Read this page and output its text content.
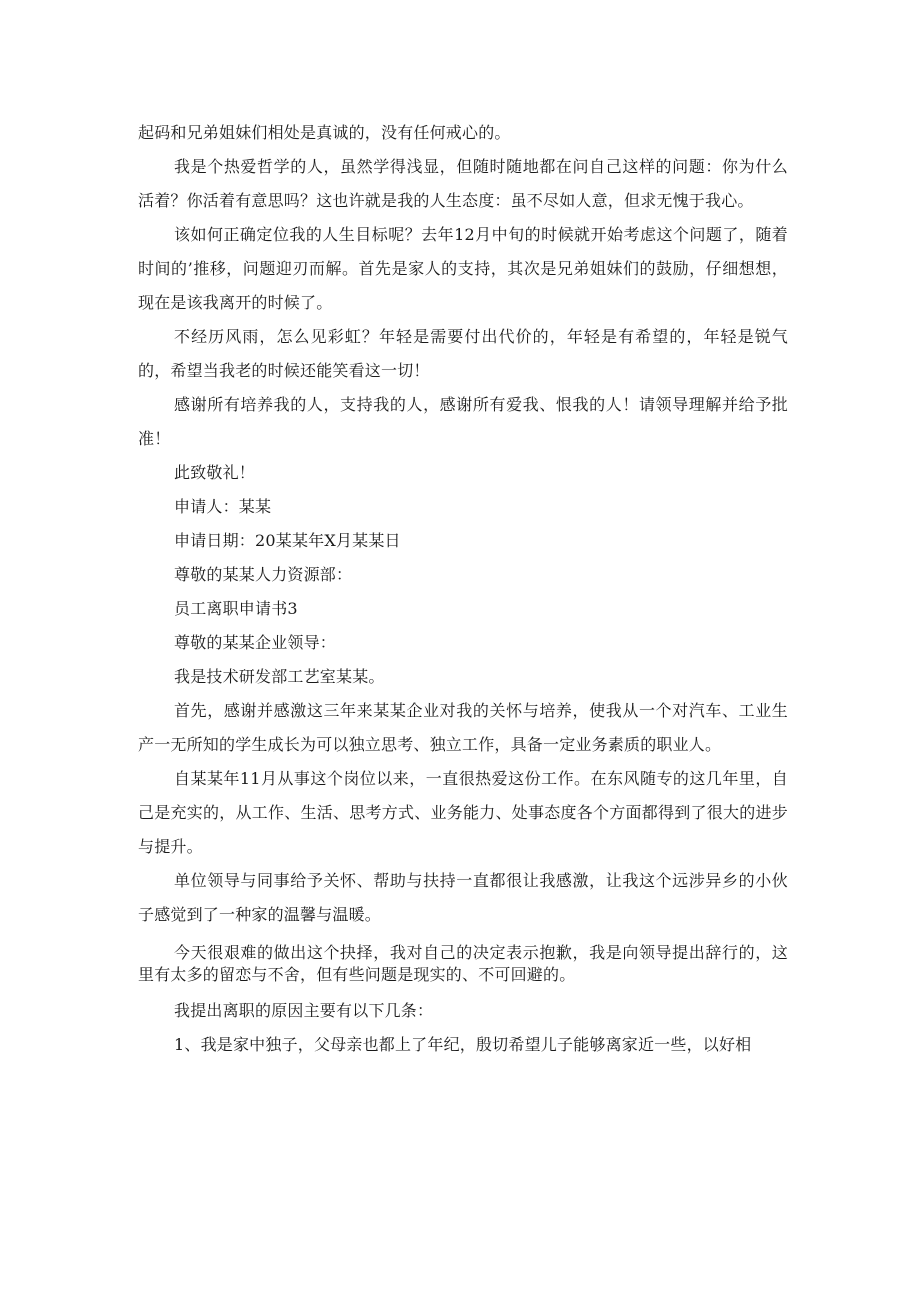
起码和兄弟姐妹们相处是真诚的，没有任何戒心的。

我是个热爱哲学的人，虽然学得浅显，但随时随地都在问自己这样的问题：你为什么活着？你活着有意思吗？这也许就是我的人生态度：虽不尽如人意，但求无愧于我心。

该如何正确定位我的人生目标呢？去年12月中旬的时候就开始考虑这个问题了，随着时间的’推移，问题迎刃而解。首先是家人的支持，其次是兄弟姐妹们的鼓励，仔细想想，现在是该我离开的时候了。

不经历风雨，怎么见彩虹？年轻是需要付出代价的，年轻是有希望的，年轻是锐气的，希望当我老的时候还能笑看这一切！

感谢所有培养我的人，支持我的人，感谢所有爱我、恨我的人！请领导理解并给予批准！

此致敬礼！

申请人：某某

申请日期：20某某年X月某某日

尊敬的某某人力资源部：

员工离职申请书3

尊敬的某某企业领导：

我是技术研发部工艺室某某。

首先，感谢并感激这三年来某某企业对我的关怀与培养，使我从一个对汽车、工业生产一无所知的学生成长为可以独立思考、独立工作，具备一定业务素质的职业人。

自某某年11月从事这个岗位以来，一直很热爱这份工作。在东风随专的这几年里，自己是充实的，从工作、生活、思考方式、业务能力、处事态度各个方面都得到了很大的进步与提升。

单位领导与同事给予关怀、帮助与扶持一直都很让我感激，让我这个远涉异乡的小伙子感觉到了一种家的温馨与温暖。

今天很艰难的做出这个抉择，我对自己的决定表示抱歉，我是向领导提出辞行的，这里有太多的留恋与不舍，但有些问题是现实的、不可回避的。

我提出离职的原因主要有以下几条：

1、我是家中独子，父母亲也都上了年纪，殷切希望儿子能够离家近一些，以好相
